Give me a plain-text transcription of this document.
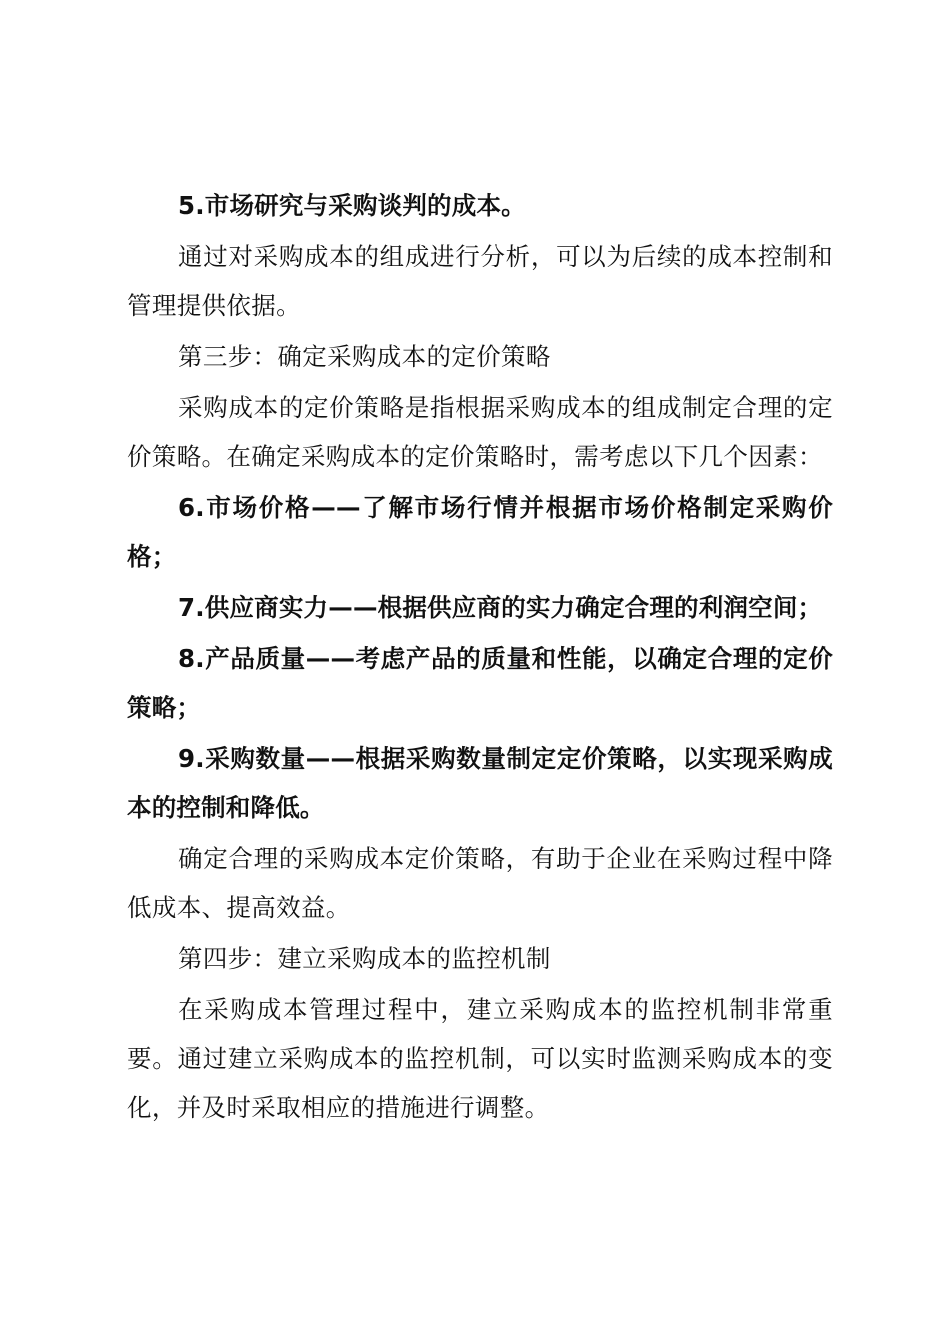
5.市场研究与采购谈判的成本。

通过对采购成本的组成进行分析，可以为后续的成本控制和管理提供依据。

第三步：确定采购成本的定价策略

采购成本的定价策略是指根据采购成本的组成制定合理的定价策略。在确定采购成本的定价策略时，需考虑以下几个因素：

6.市场价格——了解市场行情并根据市场价格制定采购价格；

7.供应商实力——根据供应商的实力确定合理的利润空间；

8.产品质量——考虑产品的质量和性能，以确定合理的定价策略；

9.采购数量——根据采购数量制定定价策略，以实现采购成本的控制和降低。

确定合理的采购成本定价策略，有助于企业在采购过程中降低成本、提高效益。

第四步：建立采购成本的监控机制

在采购成本管理过程中，建立采购成本的监控机制非常重要。通过建立采购成本的监控机制，可以实时监测采购成本的变化，并及时采取相应的措施进行调整。
